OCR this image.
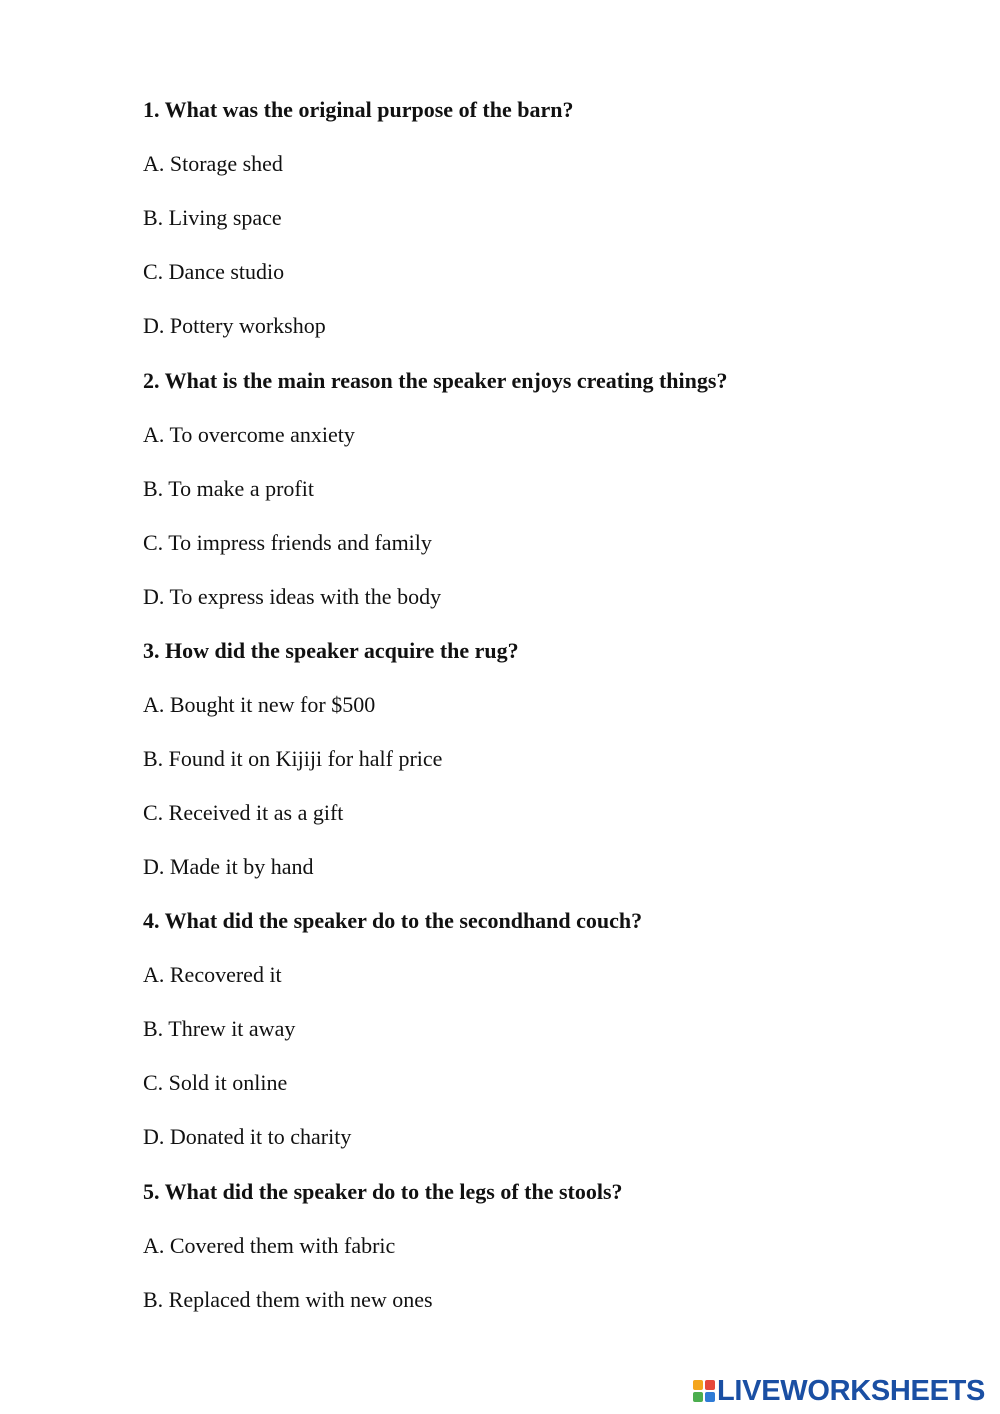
1. What was the original purpose of the barn?

A. Storage shed

B. Living space

C. Dance studio

D. Pottery workshop

2. What is the main reason the speaker enjoys creating things?

A. To overcome anxiety

B. To make a profit

C. To impress friends and family

D. To express ideas with the body

3. How did the speaker acquire the rug?

A. Bought it new for $500

B. Found it on Kijiji for half price

C. Received it as a gift

D. Made it by hand

4. What did the speaker do to the secondhand couch?

A. Recovered it

B. Threw it away

C. Sold it online

D. Donated it to charity

5. What did the speaker do to the legs of the stools?

A. Covered them with fabric

B. Replaced them with new ones

LIVEWORKSHEETS
